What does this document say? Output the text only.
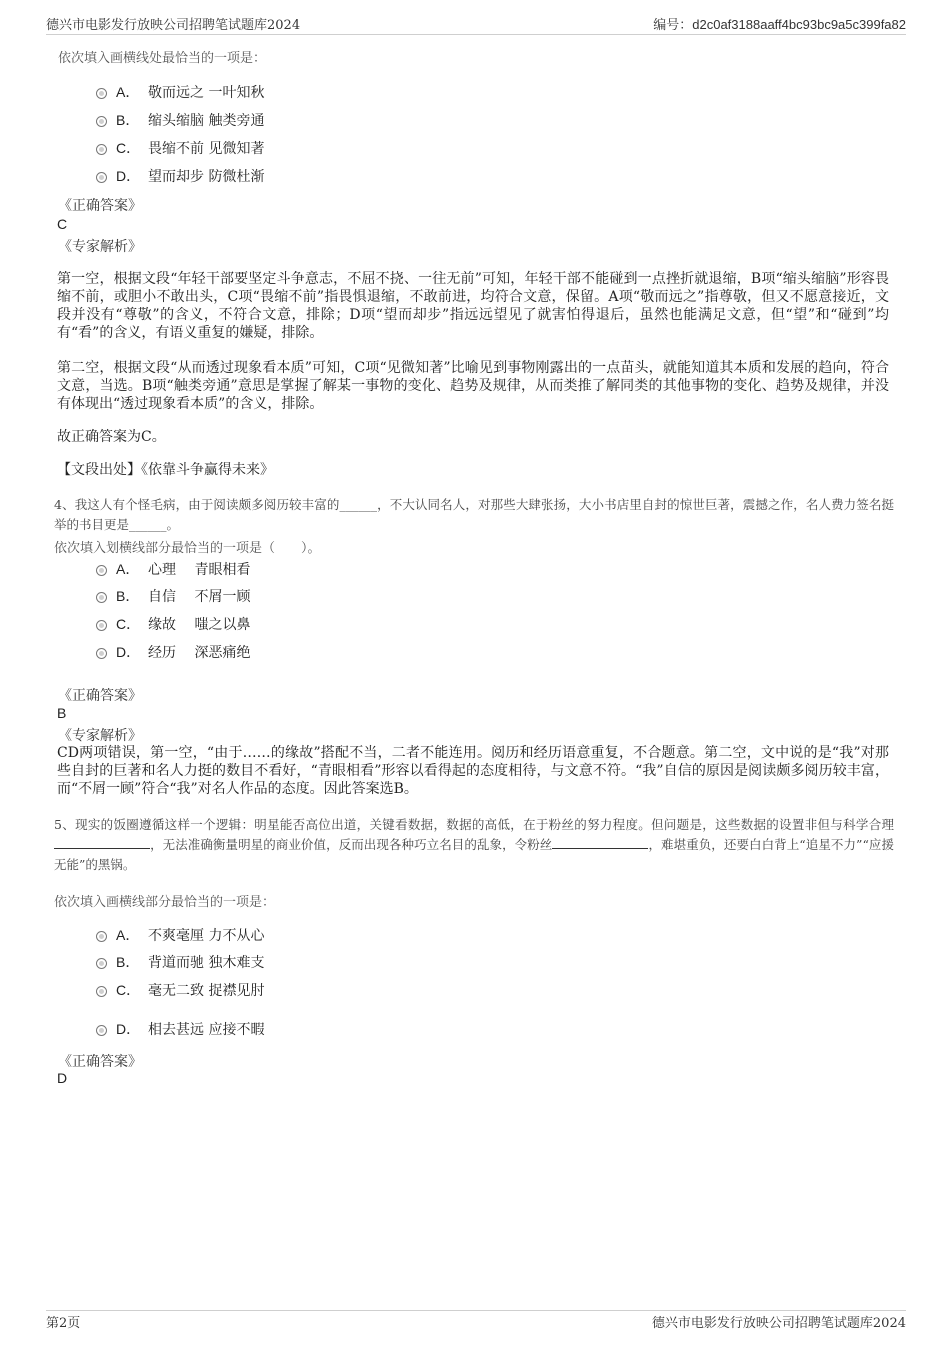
德兴市电影发行放映公司招聘笔试题库2024	编号：d2c0af3188aaff4bc93bc9a5c399fa82
依次填入画横线处最恰当的一项是：
A． 敬而远之 一叶知秋
B． 缩头缩脑 触类旁通
C． 畏缩不前 见微知著
D． 望而却步 防微杜渐
《正确答案》
C
《专家解析》
第一空，根据文段“年轻干部要坚定斗争意志，不屈不挠、一往无前”可知，年轻干部不能碰到一点挫折就退缩，B项“缩头缩脑”形容畏缩不前，或胆小不敢出头，C项“畏缩不前”指畏惧退缩，不敢前进，均符合文意，保留。A项“敬而远之”指尊敬，但又不愿意接近，文段并没有“尊敬”的含义，不符合文意，排除；D项“望而却步”指远远望见了就害怕得退后，虽然也能满足文意，但“望”和“碰到”均有“看”的含义，有语义重复的嫌疑，排除。
第二空，根据文段“从而透过现象看本质”可知，C项“见微知著”比喻见到事物刚露出的一点苗头，就能知道其本质和发展的趋向，符合文意，当选。B项“触类旁通”意思是掌握了解某一事物的变化、趋势及规律，从而类推了解同类的其他事物的变化、趋势及规律，并没有体现出“透过现象看本质”的含义，排除。
故正确答案为C。
【文段出处】《依靠斗争赢得未来》
4、我这人有个怪毛病，由于阅读颇多阅历较丰富的______，不大认同名人，对那些大肆张扬，大小书店里自封的惊世巨著，震撼之作，名人费力签名挺举的书目更是______。
依次填入划横线部分最恰当的一项是（　　）。
A． 心理　 青眼相看
B． 自信　 不屑一顾
C． 缘故　 嗤之以鼻
D． 经历　 深恶痛绝
《正确答案》
B
《专家解析》
CD两项错误，第一空，“由于……的缘故”搭配不当，二者不能连用。阅历和经历语意重复，不合题意。第二空，文中说的是“我”对那些自封的巨著和名人力挺的数目不看好，“青眼相看”形容以看得起的态度相待，与文意不符。“我”自信的原因是阅读颇多阅历较丰富，而“不屑一顾”符合“我”对名人作品的态度。因此答案选B。
5、现实的饭圈遵循这样一个逻辑：明星能否高位出道，关键看数据，数据的高低，在于粉丝的努力程度。但问题是，这些数据的设置非但与科学合理，无法准确衡量明星的商业价值，反而出现各种巧立名目的乱象，令粉丝	，难堪重负，还要白白背上“追星不力”“应援无能”的黑锅。
依次填入画横线部分最恰当的一项是：
A． 不爽毫厘 力不从心
B． 背道而驰 独木难支
C． 毫无二致 捉襟见肘
D． 相去甚远 应接不暇
《正确答案》
D
第2页	德兴市电影发行放映公司招聘笔试题库2024
